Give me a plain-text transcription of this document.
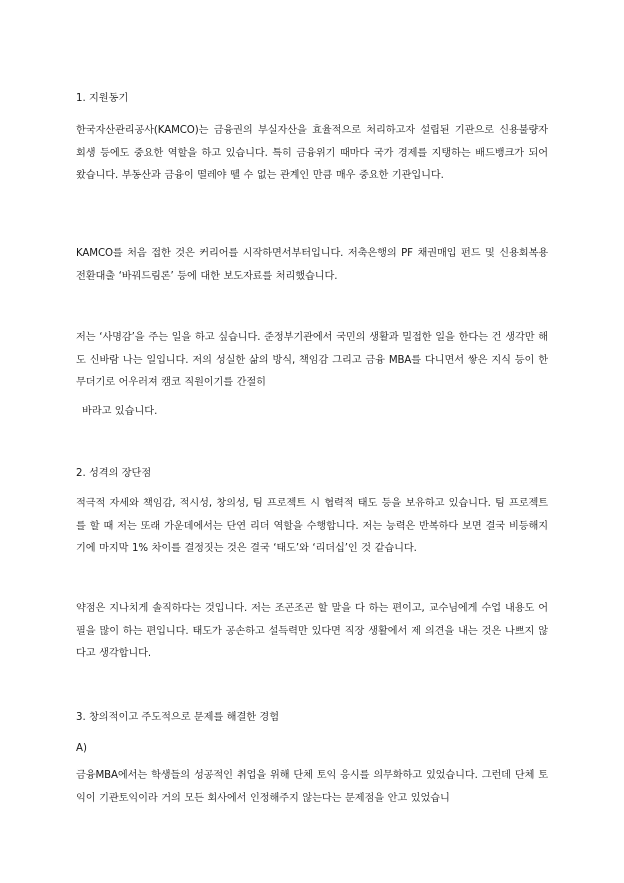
1. 지원동기

한국자산관리공사(KAMCO)는 금융권의 부실자산을 효율적으로 처리하고자 설립된 기관으로 신용불량자 회생 등에도 중요한 역할을 하고 있습니다. 특히 금융위기 때마다 국가 경제를 지탱하는 배드뱅크가 되어 왔습니다. 부동산과 금융이 떨레야 뗄 수 없는 관계인 만큼 매우 중요한 기관입니다.

KAMCO를 처음 접한 것은 커리어를 시작하면서부터입니다. 저축은행의 PF 채권매입 펀드 및 신용회복용 전환대출 ‘바꿔드림론’ 등에 대한 보도자료를 처리했습니다.

저는 ‘사명감’을 주는 일을 하고 싶습니다. 준정부기관에서 국민의 생활과 밀접한 일을 한다는 건 생각만 해도 신바람 나는 일입니다. 저의 성실한 삶의 방식, 책임감 그리고 금융 MBA를 다니면서 쌓은 지식 등이 한 무더기로 어우러져 캠코 직원이기를 간절히

바라고 있습니다.

2. 성격의 장단점

적극적 자세와 책임감, 적시성, 창의성, 팀 프로젝트 시 협력적 태도 등을 보유하고 있습니다. 팀 프로젝트를 할 때 저는 또래 가운데에서는 단연 리더 역할을 수행합니다. 저는 능력은 반복하다 보면 결국 비등해지기에 마지막 1% 차이를 결정짓는 것은 결국 ‘태도’와 ‘리더십’인 것 같습니다.

약점은 지나치게 솔직하다는 것입니다. 저는 조곤조곤 할 말을 다 하는 편이고, 교수님에게 수업 내용도 어필을 많이 하는 편입니다. 태도가 공손하고 설득력만 있다면 직장 생활에서 제 의견을 내는 것은 나쁘지 않다고 생각합니다.

3. 창의적이고 주도적으로 문제를 해결한 경험

A)

금융MBA에서는 학생들의 성공적인 취업을 위해 단체 토익 응시를 의무화하고 있었습니다. 그런데 단체 토익이 기관토익이라 거의 모든 회사에서 인정해주지 않는다는 문제점을 안고 있었습니
